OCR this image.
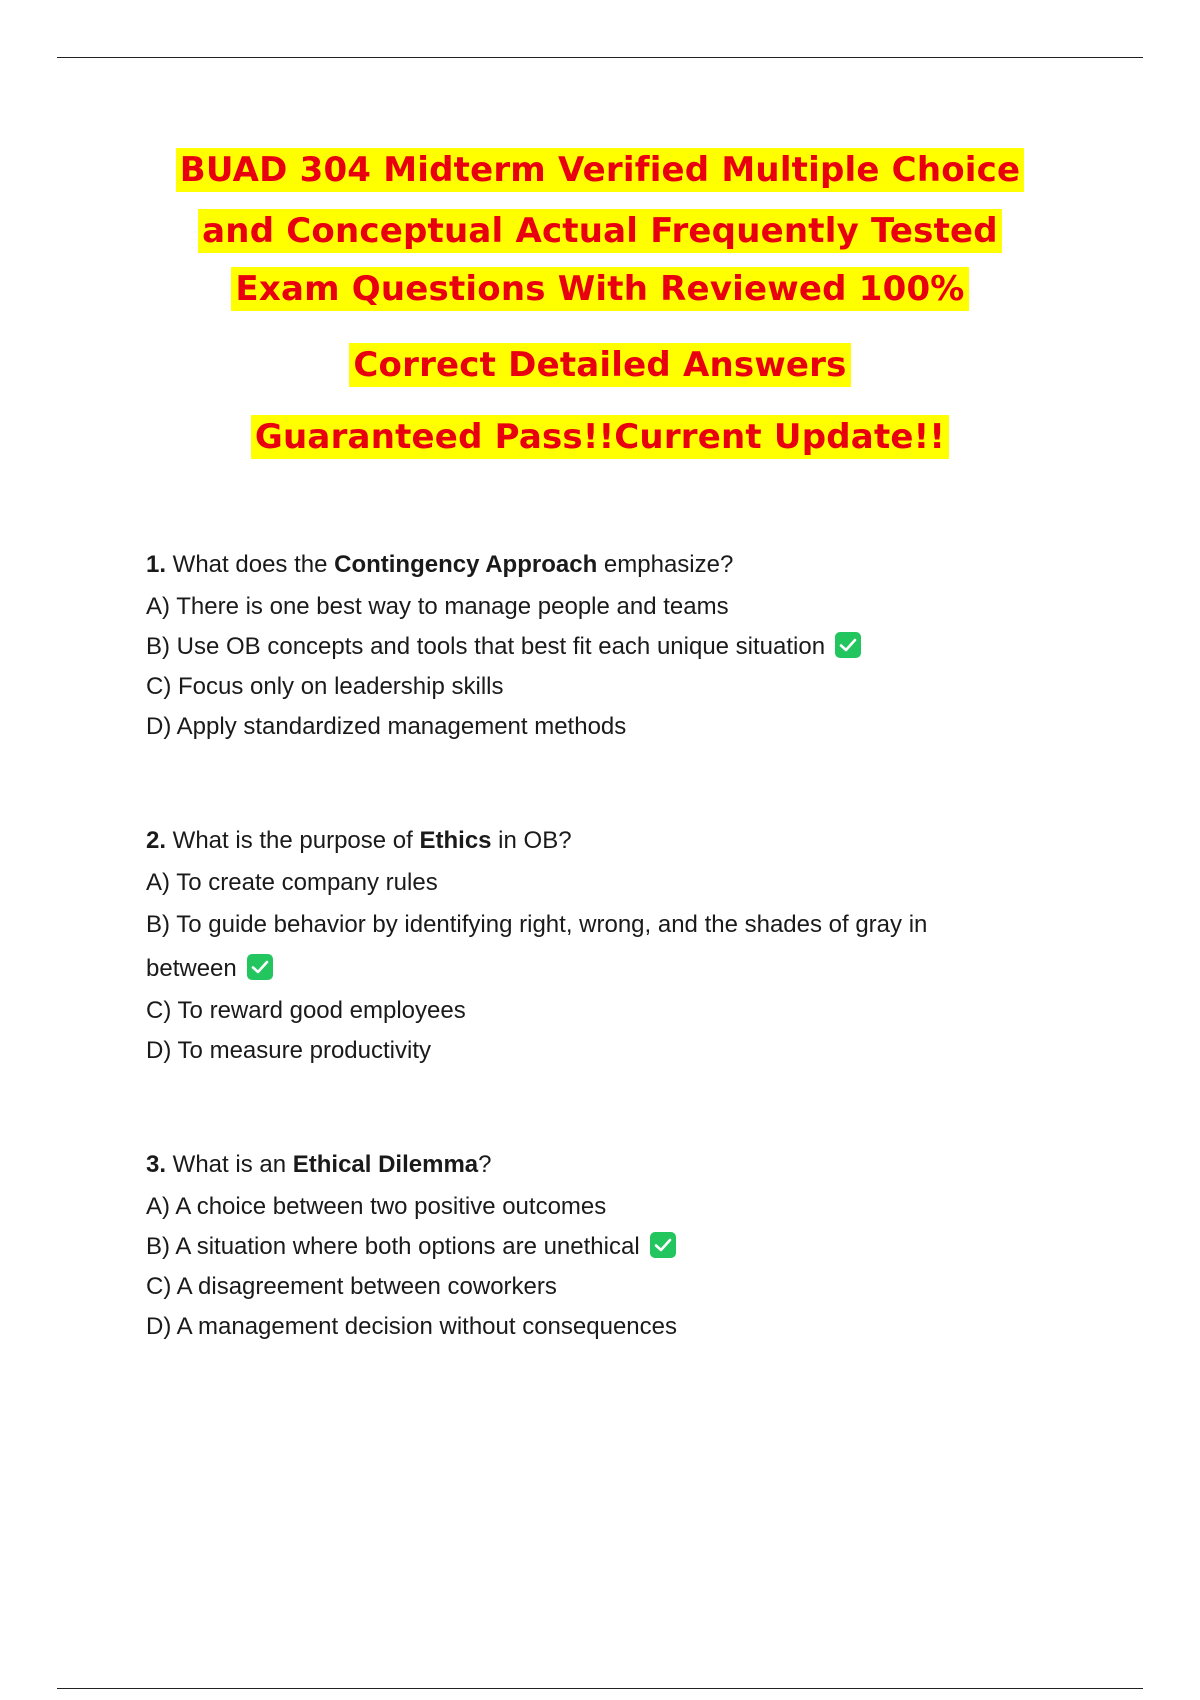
BUAD 304 Midterm Verified Multiple Choice
and Conceptual Actual Frequently Tested
Exam Questions With Reviewed 100%
Correct Detailed Answers
Guaranteed Pass!!Current Update!!
1. What does the Contingency Approach emphasize?
A) There is one best way to manage people and teams
B) Use OB concepts and tools that best fit each unique situation
C) Focus only on leadership skills
D) Apply standardized management methods
2. What is the purpose of Ethics in OB?
A) To create company rules
B) To guide behavior by identifying right, wrong, and the shades of gray in between
C) To reward good employees
D) To measure productivity
3. What is an Ethical Dilemma?
A) A choice between two positive outcomes
B) A situation where both options are unethical
C) A disagreement between coworkers
D) A management decision without consequences
